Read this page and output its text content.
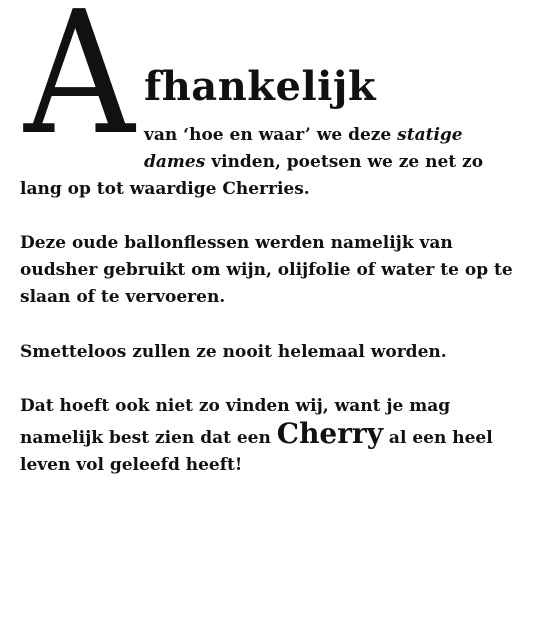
A fhankelijk

van ‘hoe en waar’ we deze statige
dames vinden, poetsen we ze net zo

lang op tot waardige Cherries.

Deze oude ballonflessen werden namelijk van oudsher gebruikt om wijn, olijfolie of water te op te slaan of te vervoeren.

Smetteloos zullen ze nooit helemaal worden.

Dat hoeft ook niet zo vinden wij, want je mag namelijk best zien dat een Cherry al een heel leven vol geleefd heeft!
